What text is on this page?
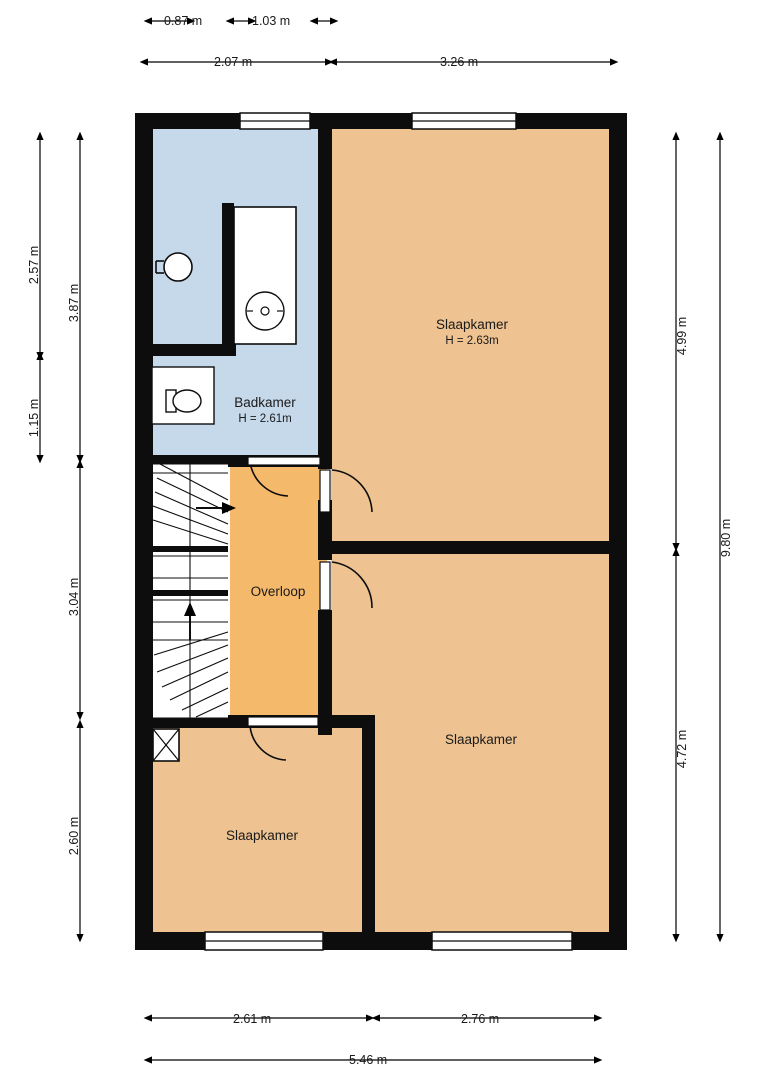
0.87 m	1.03 m
2.07 m	3.26 m
2.57 m
1.15 m
3.87 m
3.04 m
2.60 m
4.99 m
4.72 m
9.80 m
2.61 m	2.76 m
5.46 m
Slaapkamer
H = 2.63m
Badkamer
H = 2.61m
Overloop
Slaapkamer
Slaapkamer
